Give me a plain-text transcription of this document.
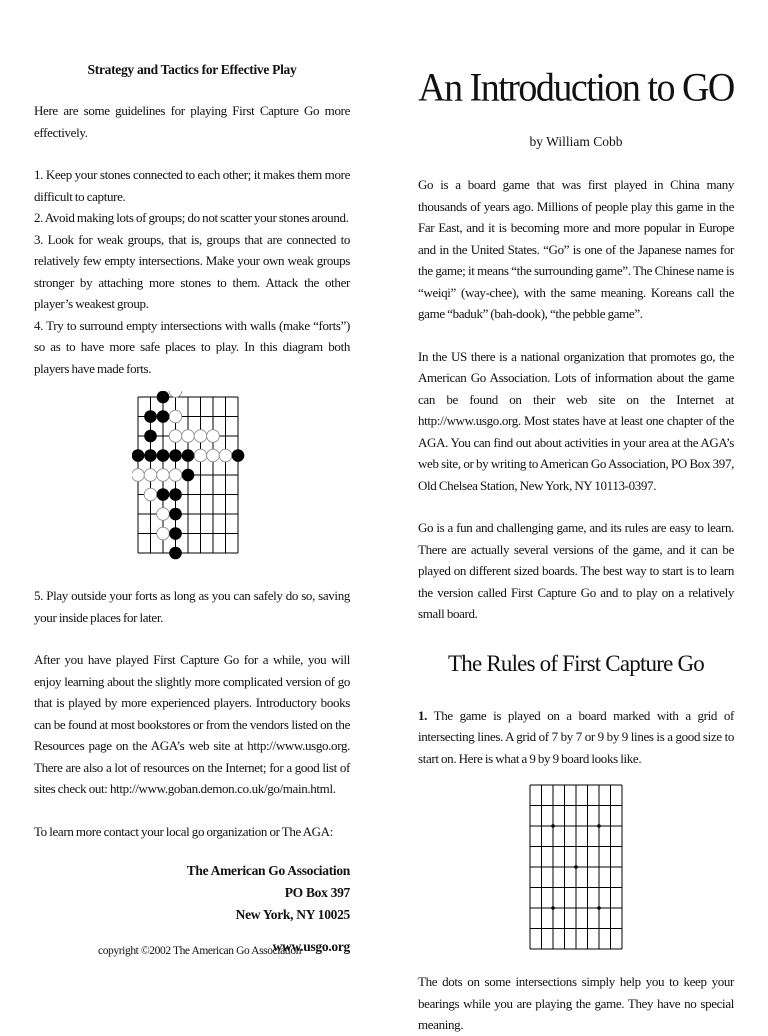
Strategy and Tactics for Effective Play

Here are some guidelines for playing First Capture Go more effectively.

1. Keep your stones connected to each other; it makes them more difficult to capture.

2. Avoid making lots of groups; do not scatter your stones around.

3. Look for weak groups, that is, groups that are connected to relatively few empty intersections. Make your own weak groups stronger by attaching more stones to them. Attack the other player’s weakest group.

4. Try to surround empty intersections with walls (make “forts”) so as to have more safe places to play. In this diagram both players have made forts.

5. Play outside your forts as long as you can safely do so, saving your inside places for later.

After you have played First Capture Go for a while, you will enjoy learning about the slightly more complicated version of go that is played by more experienced players. Introductory books can be found at most bookstores or from the vendors listed on the Resources page on the AGA’s web site at http://www.usgo.org. There are also a lot of resources on the Internet; for a good list of sites check out: http://www.goban.demon.co.uk/go/main.html.

To learn more contact your local go organization or The AGA:

The American Go Association
PO Box 397
New York, NY 10025
www.usgo.org
copyright ©2002 The American Go Association
An Introduction to GO
by William Cobb

Go is a board game that was first played in China many thousands of years ago. Millions of people play this game in the Far East, and it is becoming more and more popular in Europe and in the United States. “Go” is one of the Japanese names for the game; it means “the surrounding game”. The Chinese name is “weiqi” (way-chee), with the same meaning. Koreans call the game “baduk” (bah-dook), “the pebble game”.

In the US there is a national organization that promotes go, the American Go Association. Lots of information about the game can be found on their web site on the Internet at http://www.usgo.org. Most states have at least one chapter of the AGA. You can find out about activities in your area at the AGA’s web site, or by writing to American Go Association, PO Box 397, Old Chelsea Station, New York, NY 10113-0397.

Go is a fun and challenging game, and its rules are easy to learn. There are actually several versions of the game, and it can be played on different sized boards. The best way to start is to learn the version called First Capture Go and to play on a relatively small board.

The Rules of First Capture Go

1. The game is played on a board marked with a grid of intersecting lines. A grid of 7 by 7 or 9 by 9 lines is a good size to start on. Here is what a 9 by 9 board looks like.

The dots on some intersections simply help you to keep your bearings while you are playing the game. They have no special meaning.
